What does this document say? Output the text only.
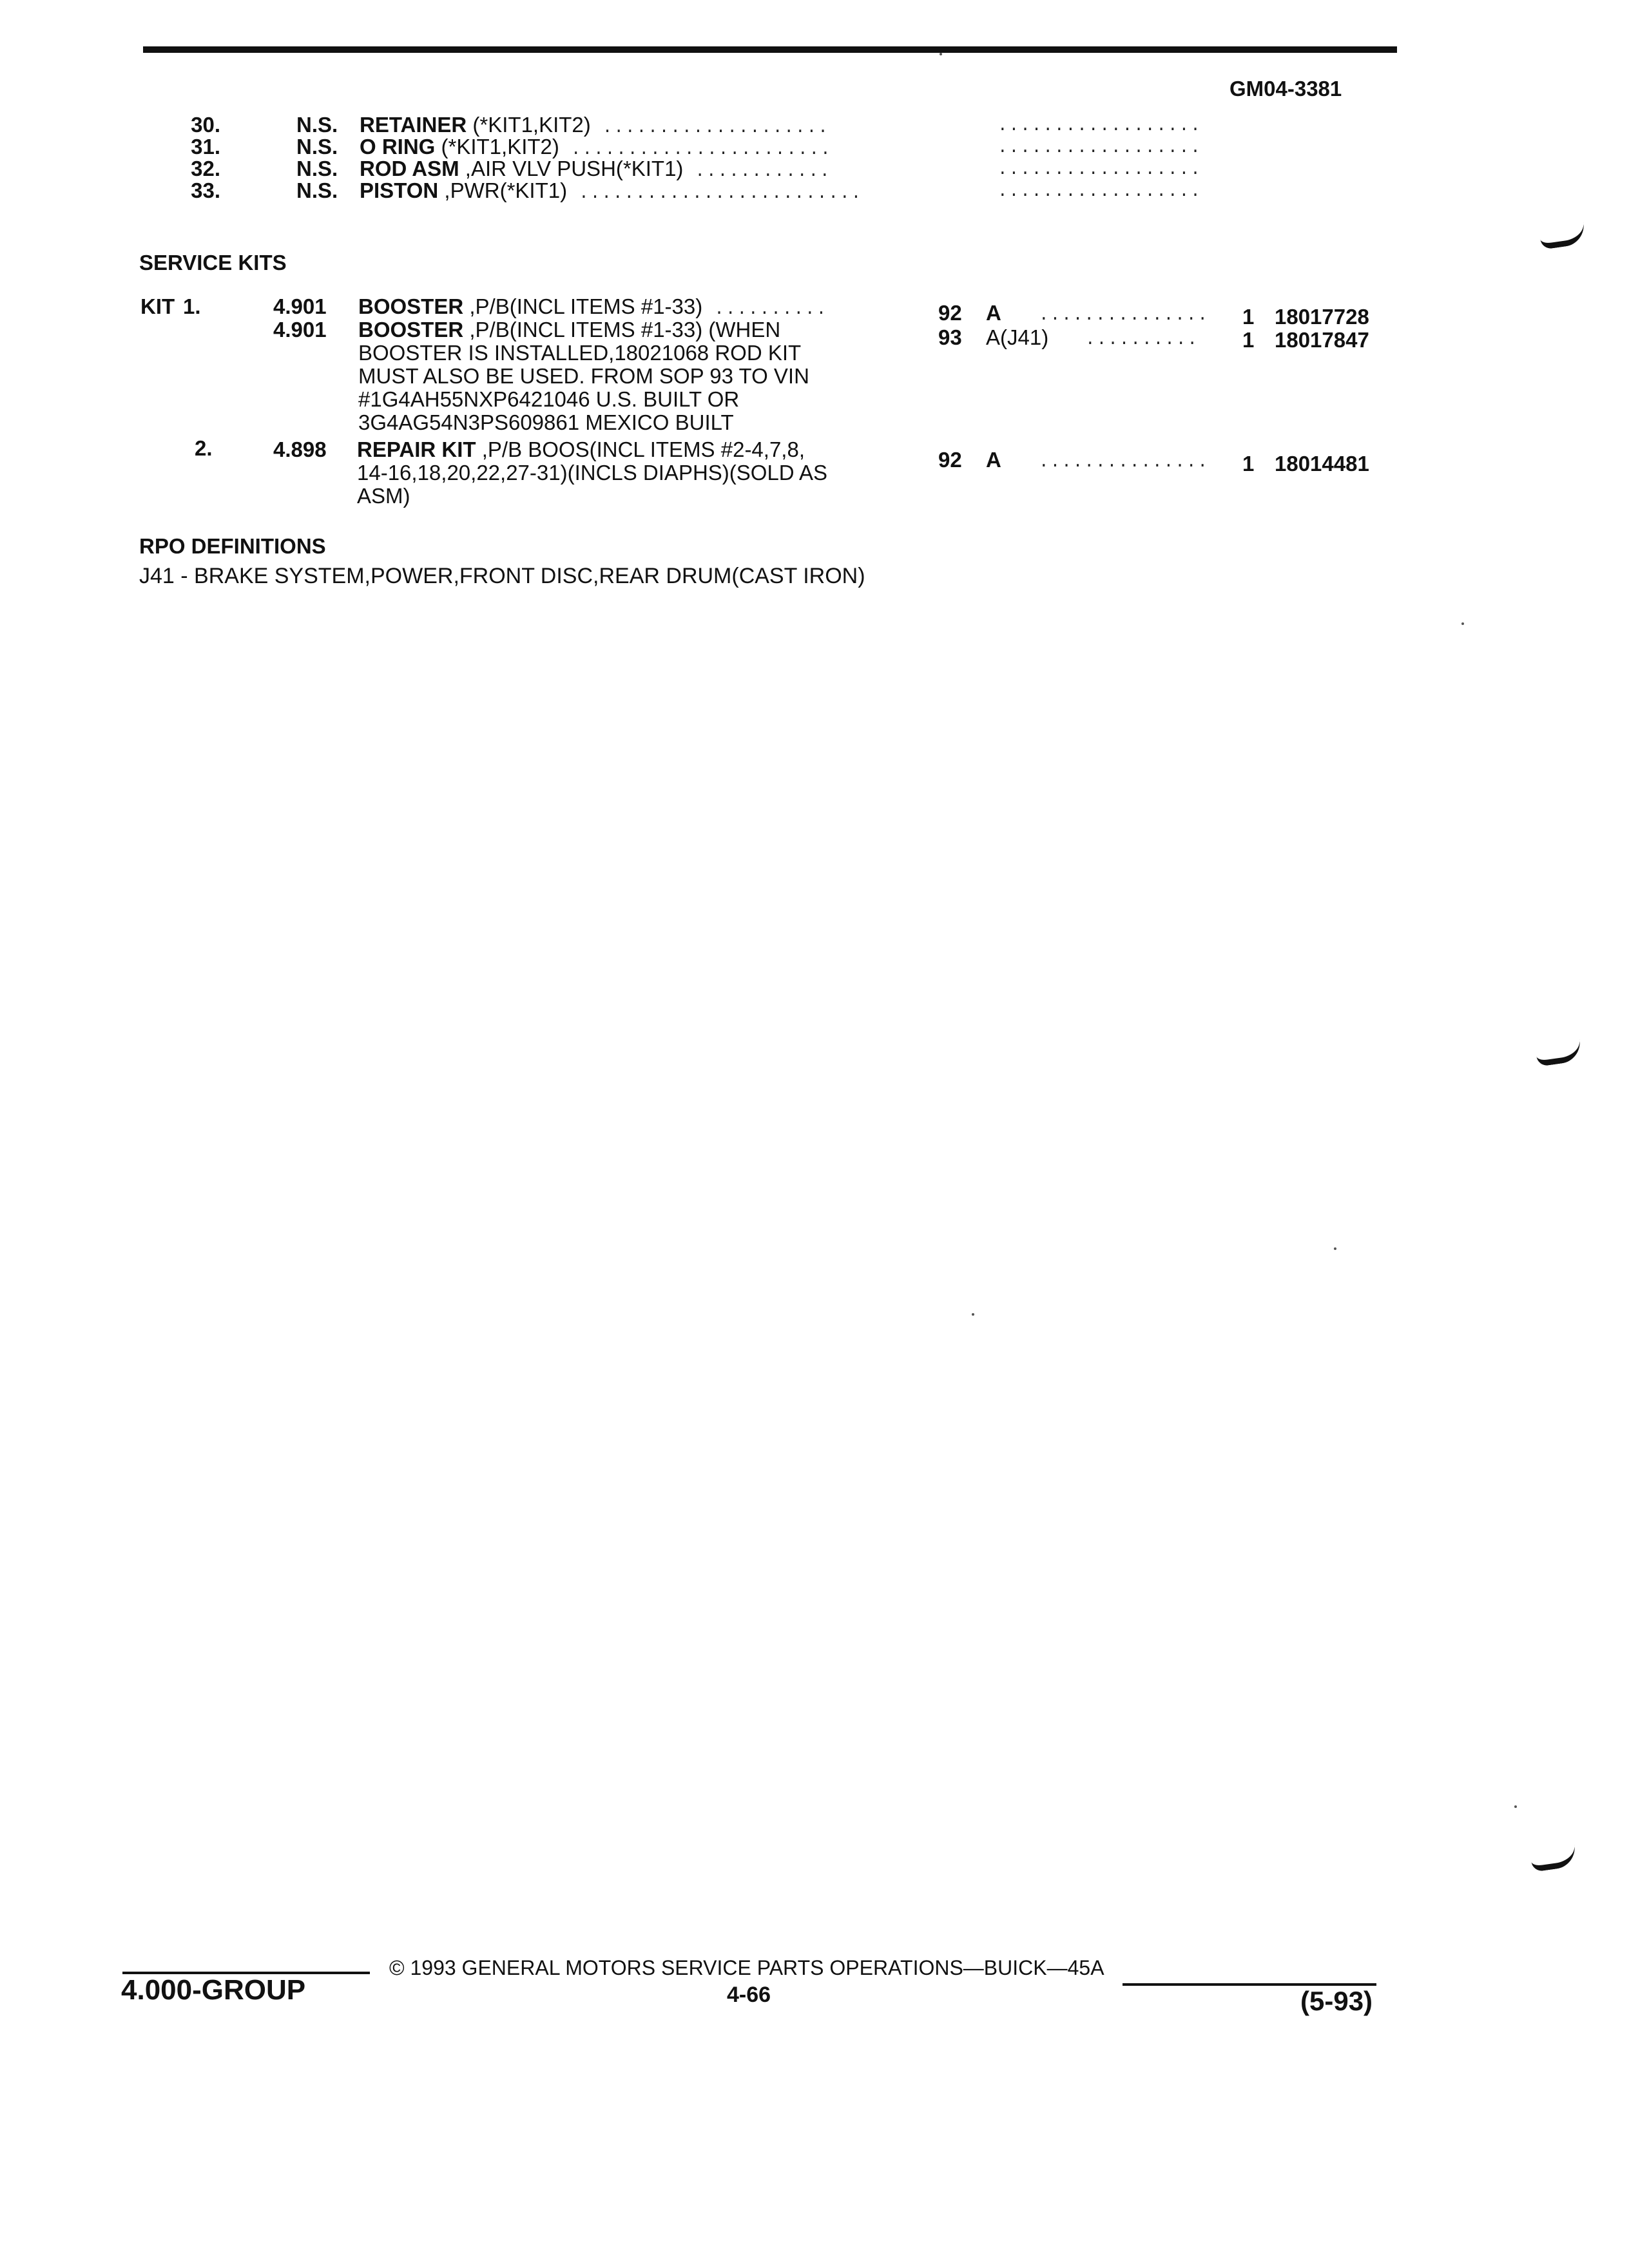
GM04-3381
30.	N.S. RETAINER (*KIT1,KIT2) ....................	..................
31.	N.S. O RING (*KIT1,KIT2) .......................	..................
32.	N.S. ROD ASM ,AIR VLV PUSH(*KIT1) ............	..................
33.	N.S. PISTON ,PWR(*KIT1) .........................	..................
SERVICE KITS
KIT 1.	4.901 BOOSTER ,P/B(INCL ITEMS #1-33) ..........	92 A ............... 1 18017728
4.901 BOOSTER ,P/B(INCL ITEMS #1-33) (WHEN
BOOSTER IS INSTALLED,18021068 ROD KIT
MUST ALSO BE USED. FROM SOP 93 TO VIN
#1G4AH55NXP6421046 U.S. BUILT OR
3G4AG54N3PS609861 MEXICO BUILT
93 A(J41) .......... 1 18017847
2.	4.898 REPAIR KIT ,P/B BOOS(INCL ITEMS #2-4,7,8,
14-16,18,20,22,27-31)(INCLS DIAPHS)(SOLD AS
ASM)
92 A ............... 1 18014481
RPO DEFINITIONS
J41 - BRAKE SYSTEM,POWER,FRONT DISC,REAR DRUM(CAST IRON)
4.000-GROUP
© 1993 GENERAL MOTORS SERVICE PARTS OPERATIONS—BUICK—45A
4-66	(5-93)
